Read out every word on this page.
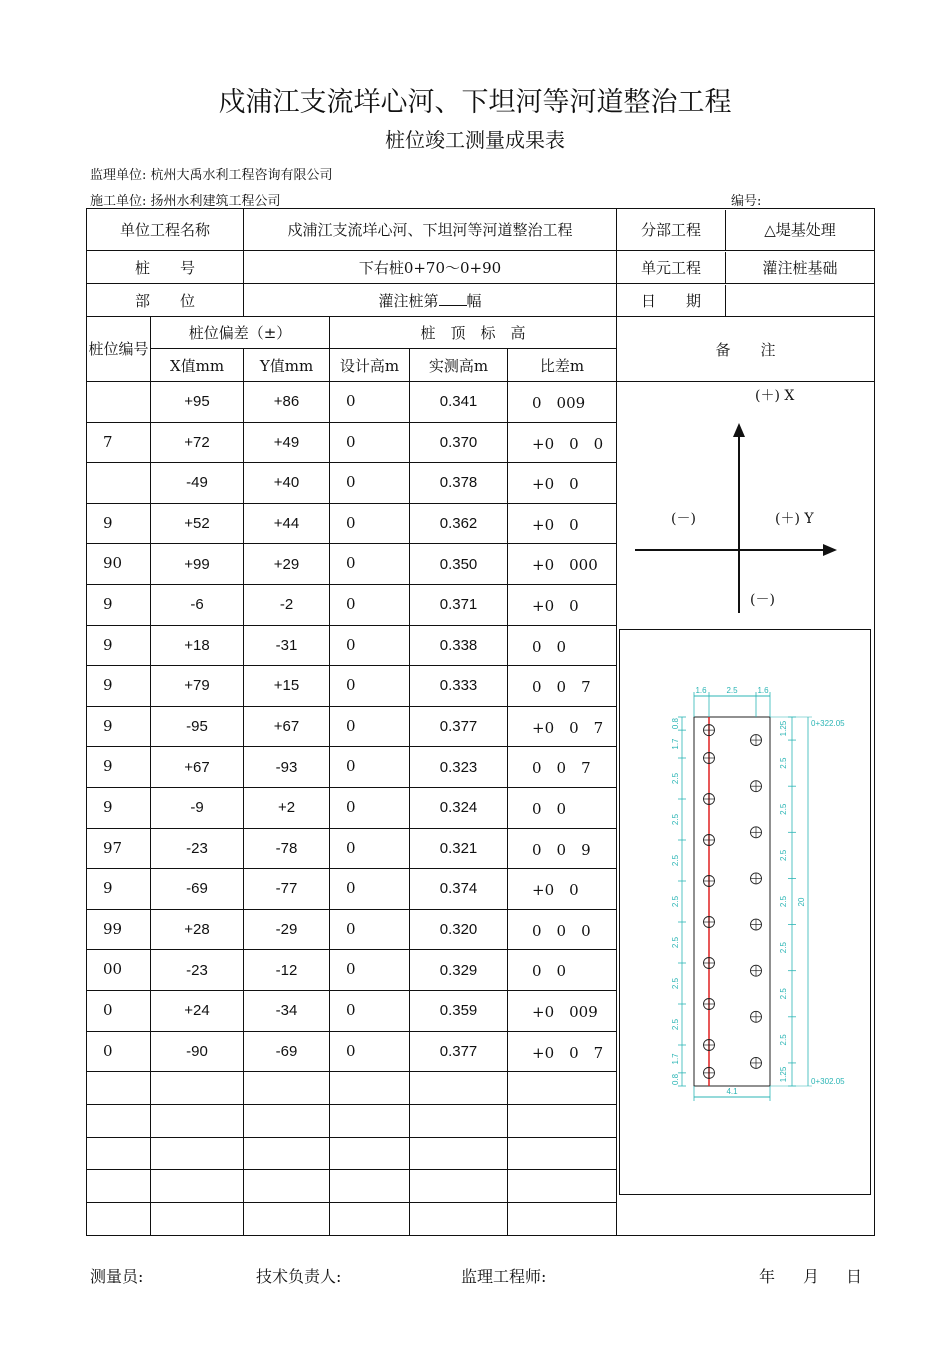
戍浦江支流垟心河、下坦河等河道整治工程
桩位竣工测量成果表
监理单位: 杭州大禹水利工程咨询有限公司
施工单位: 扬州水利建筑工程公司	编号:
单位工程名称		戍浦江支流垟心河、下坦河等河道整治工程				分部工程 △堤基处理

桩　　号		下右桩0+70～0+90				单元工程 灌注桩基础

部　　位		灌注桩第 幅				日　　期

桩位编号	桩位偏差（±）		桩　顶　标　高			备　　注
	X值mm	Y值mm	设计高m	实测高m	比差m	
	+95	+86	0	0.341	0　009	
7	+72	+49	0	0.370	+0　0　0	
	-49	+40	0	0.378	+0　0	
9	+52	+44	0	0.362	+0　0	
90	+99	+29	0	0.350	+0　000	
9	-6	-2	0	0.371	+0　0	
9	+18	-31	0	0.338	0　0	
9	+79	+15	0	0.333	0　0　7	
9	-95	+67	0	0.377	+0　0　7	
9	+67	-93	0	0.323	0　0　7	
9	-9	+2	0	0.324	0　0	
97	-23	-78	0	0.321	0　0　9	
9	-69	-77	0	0.374	+0　0	
99	+28	-29	0	0.320	0　0　0	
00	-23	-12	0	0.329	0　0	
0	+24	-34	0	0.359	+0　009	
0	-90	-69	0	0.377	+0　0　7	

(＋) X
(＋) Y
(－)
(－)
1.6 2.5 1.6
4.1
0.8
1.7
2.5
2.5
2.5
2.5
2.5
2.5
2.5
1.7
0.8
1.25
2.5
2.5
2.5
2.5
2.5
2.5
2.5
1.25
20
0+322.05
0+302.05
测量员:	技术负责人:	监理工程师:	年 月 日
